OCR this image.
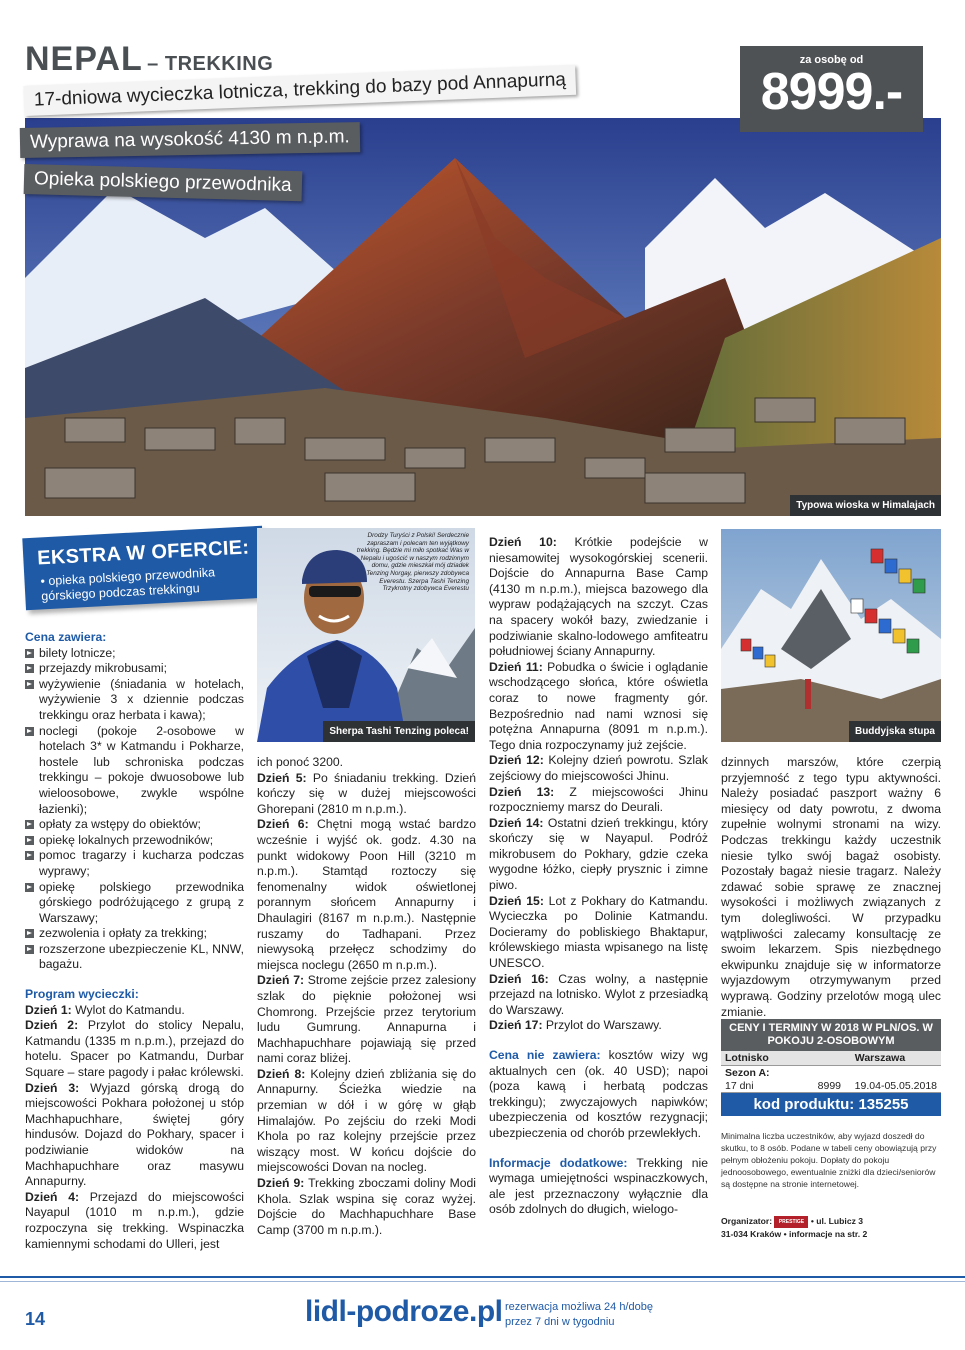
NEPAL – TREKKING
Typowa wioska w Himalajach
17-dniowa wycieczka lotnicza, trekking do bazy pod Annapurną
Wyprawa na wysokość 4130 m n.p.m.
Opieka polskiego przewodnika
za osobę od
8999.-
EKSTRA W OFERCIE:
• opieka polskiego przewodnika górskiego podczas trekkingu
Drodzy Turyści z Polski! Serdecznie zapraszam i polecam ten wyjątkowy trekking. Będzie mi miło spotkać Was w Nepalu i ugościć w naszym rodzinnym domu, gdzie mieszkał mój dziadek Tenzing Norgay, pierwszy zdobywca Everestu. Szerpa Tashi Tenzing Trzykrotny zdobywca Everestu
Sherpa Tashi Tenzing poleca!	Buddyjska stupa
Cena zawiera:
bilety lotnicze;
przejazdy mikrobusami;
wyżywienie (śniadania w hotelach, wyżywienie 3 x dziennie podczas trekkingu oraz herbata i kawa);
noclegi (pokoje 2-osobowe w hotelach 3* w Katmandu i Pokharze, hostele lub schroniska podczas trekkingu – pokoje dwuosobowe lub wieloosobowe, zwykle wspólne łazienki);
opłaty za wstępy do obiektów;
opiekę lokalnych przewodników;
pomoc tragarzy i kucharza podczas wyprawy;
opiekę polskiego przewodnika górskiego podróżującego z grupą z Warszawy;
zezwolenia i opłaty za trekking;
rozszerzone ubezpieczenie KL, NNW, bagażu.
Program wycieczki:

Dzień 1: Wylot do Katmandu.

Dzień 2: Przylot do stolicy Nepalu, Katmandu (1335 m n.p.m.), przejazd do hotelu. Spacer po Katmandu, Durbar Square – stare pagody i pałac królewski.

Dzień 3: Wyjazd górską drogą do miejscowości Pokhara położonej u stóp Machhapuchhare, świętej góry hindusów. Dojazd do Pokhary, spacer i podziwianie widoków na Machhapuchhare oraz masywu Annapurny.

Dzień 4: Przejazd do miejscowości Nayapul (1010 m n.p.m.), gdzie rozpoczyna się trekking. Wspinaczka kamiennymi schodami do Ulleri, jest

ich ponoć 3200.

Dzień 5: Po śniadaniu trekking. Dzień kończy się w dużej miejscowości Ghorepani (2810 m n.p.m.).

Dzień 6: Chętni mogą wstać bardzo wcześnie i wyjść ok. godz. 4.30 na punkt widokowy Poon Hill (3210 m n.p.m.). Stamtąd roztoczy się fenomenalny widok oświetlonej porannym słońcem Annapurny i Dhaulagiri (8167 m n.p.m.). Następnie ruszamy do Tadhapani. Przez niewysoką przełęcz schodzimy do miejsca noclegu (2650 m n.p.m.).

Dzień 7: Strome zejście przez zalesiony szlak do pięknie położonej wsi Chomrong. Przejście przez terytorium ludu Gumrung. Annapurna i Machhapuchhare pojawiają się przed nami coraz bliżej.

Dzień 8: Kolejny dzień zbliżania się do Annapurny. Ścieżka wiedzie na przemian w dół i w górę w głąb Himalajów. Po zejściu do rzeki Modi Khola po raz kolejny przejście przez wiszący most. W końcu dojście do miejscowości Dovan na nocleg.

Dzień 9: Trekking zboczami doliny Modi Khola. Szlak wspina się coraz wyżej. Dojście do Machhapuchhare Base Camp (3700 m n.p.m.).

Dzień 10: Krótkie podejście w niesamowitej wysokogórskiej scenerii. Dojście do Annapurna Base Camp (4130 m n.p.m.), miejsca bazowego dla wypraw podążających na szczyt. Czas na spacery wokół bazy, zwiedzanie i podziwianie skalno-lodowego amfiteatru południowej ściany Annapurny.

Dzień 11: Pobudka o świcie i oglądanie wschodzącego słońca, które oświetla coraz to nowe fragmenty gór. Bezpośrednio nad nami wznosi się potężna Annapurna (8091 m n.p.m.). Tego dnia rozpoczynamy już zejście.

Dzień 12: Kolejny dzień powrotu. Szlak zejściowy do miejscowości Jhinu.

Dzień 13: Z miejscowości Jhinu rozpoczniemy marsz do Deurali.

Dzień 14: Ostatni dzień trekkingu, który skończy się w Nayapul. Podróż mikrobusem do Pokhary, gdzie czeka wygodne łóżko, ciepły prysznic i zimne piwo.

Dzień 15: Lot z Pokhary do Katmandu. Wycieczka po Dolinie Katmandu. Docieramy do pobliskiego Bhaktapur, królewskiego miasta wpisanego na listę UNESCO.

Dzień 16: Czas wolny, a następnie przejazd na lotnisko. Wylot z przesiadką do Warszawy.

Dzień 17: Przylot do Warszawy.

Cena nie zawiera: kosztów wizy wg aktualnych cen (ok. 40 USD); napoi (poza kawą i herbatą podczas trekkingu); zwyczajowych napiwków; ubezpieczenia od kosztów rezygnacji; ubezpieczenia od chorób przewlekłych.

Informacje dodatkowe: Trekking nie wymaga umiejętności wspinaczkowych, ale jest przeznaczony wyłącznie dla osób zdolnych do długich, wielogo-

dzinnych marszów, które czerpią przyjemność z tego typu aktywności. Należy posiadać paszport ważny 6 miesięcy od daty powrotu, z dwoma zupełnie wolnymi stronami na wizy. Podczas trekkingu każdy uczestnik niesie tylko swój bagaż osobisty. Pozostały bagaż niesie tragarz. Należy zdawać sobie sprawę ze znacznej wysokości i możliwych związanych z tym dolegliwości. W przypadku wątpliwości zalecamy konsultację ze swoim lekarzem. Spis niezbędnego ekwipunku znajduje się w informatorze wyjazdowym otrzymywanym przed wyprawą. Godziny przelotów mogą ulec zmianie.

CENY I TERMINY W 2018 W PLN/OS. W POKOJU 2-OSOBOWYM
Lotnisko	Warszawa
Sezon A:
17 dni	8999	19.04-05.05.2018
kod produktu: 135255
Minimalna liczba uczestników, aby wyjazd doszedł do skutku, to 8 osób. Podane w tabeli ceny obowiązują przy pełnym obłożeniu pokoju. Dopłaty do pokoju jednoosobowego, ewentualnie zniżki dla dzieci/seniorów są dostępne na stronie internetowej.
Organizator: PRESTIGE • ul. Lubicz 3
31-034 Kraków • informacje na str. 2
14	lidl-podroze.pl rezerwacja możliwa 24 h/dobę
przez 7 dni w tygodniu
